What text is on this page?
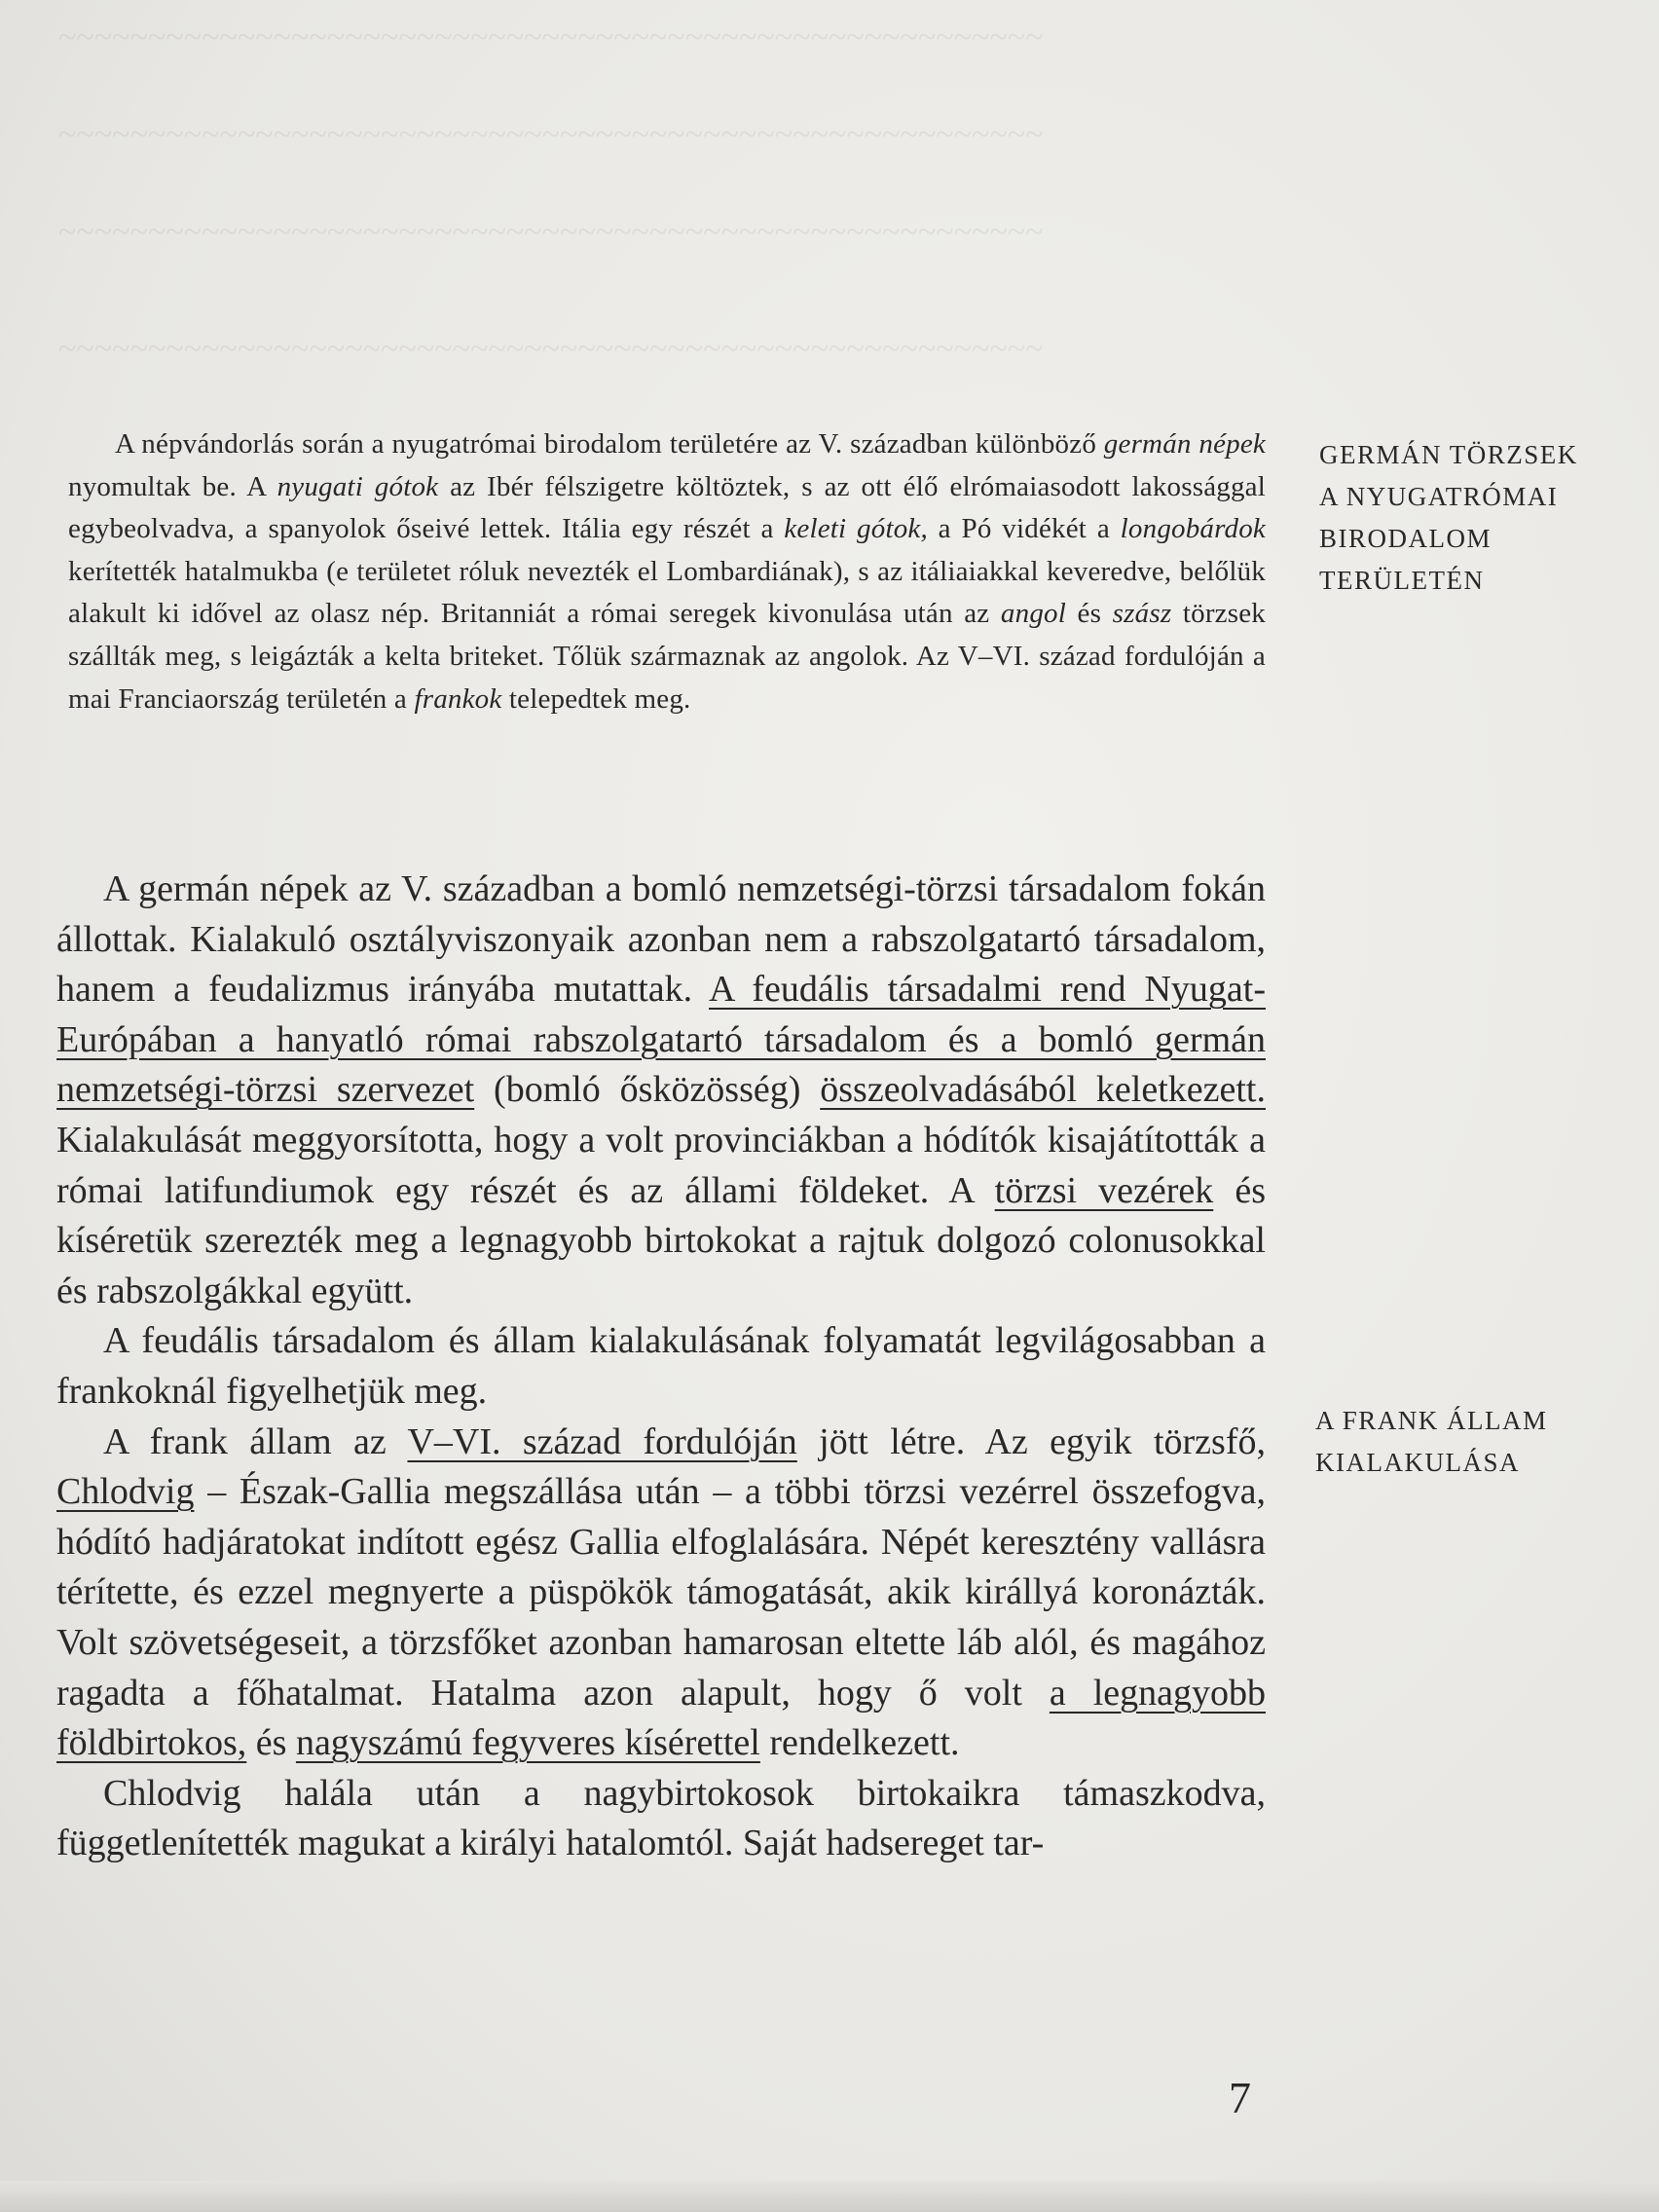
~~~~~~~~~~~~~~~~~~~~~~~~~~~~~~~~~~~~~~~~~~~~~~~~~~~~~~~
~~~~~~~~~~~~~~~~~~~~~~~~~~~~~~~~~~~~~~~~~~~~~~~~~~~~~~~
~~~~~~~~~~~~~~~~~~~~~~~~~~~~~~~~~~~~~~~~~~~~~~~~~~~~~~~
~~~~~~~~~~~~~~~~~~~~~~~~~~~~~~~~~~~~~~~~~~~~~~~~~~~~~~~

A népvándorlás során a nyugatrómai birodalom területére az V. században különböző germán népek nyomultak be. A nyugati gótok az Ibér félszigetre költöztek, s az ott élő elrómaiasodott lakossággal egybeolvadva, a spanyolok őseivé lettek. Itália egy részét a keleti gótok, a Pó vidékét a longobárdok kerítették hatalmukba (e területet róluk nevezték el Lombardiának), s az itáliaiakkal keveredve, belőlük alakult ki idővel az olasz nép. Britanniát a római seregek kivonulása után az angol és szász törzsek szállták meg, s leigázták a kelta briteket. Tőlük származnak az angolok. Az V–VI. század fordulóján a mai Franciaország területén a frankok telepedtek meg.

GERMÁN TÖRZSEK
A NYUGATRÓMAI
BIRODALOM
TERÜLETÉN

A germán népek az V. században a bomló nemzetségi-törzsi társadalom fokán állottak. Kialakuló osztályviszonyaik azonban nem a rabszolgatartó társadalom, hanem a feudalizmus irányába mutattak. A feudális társadalmi rend Nyugat-Európában a hanyatló római rabszolgatartó társadalom és a bomló germán nemzetségi-törzsi szervezet (bomló ősközösség) összeolvadásából keletkezett. Kialakulását meggyorsította, hogy a volt provinciákban a hódítók kisajátították a római latifundiumok egy részét és az állami földeket. A törzsi vezérek és kíséretük szerezték meg a legnagyobb birtokokat a rajtuk dolgozó colonusokkal és rabszolgákkal együtt.

A feudális társadalom és állam kialakulásának folyamatát legvilágosabban a frankoknál figyelhetjük meg.

A frank állam az V–VI. század fordulóján jött létre. Az egyik törzsfő, Chlodvig – Észak-Gallia megszállása után – a többi törzsi vezérrel összefogva, hódító hadjáratokat indított egész Gallia elfoglalására. Népét keresztény vallásra térítette, és ezzel megnyerte a püspökök támogatását, akik királlyá koronázták. Volt szövetségeseit, a törzsfőket azonban hamarosan eltette láb alól, és magához ragadta a főhatalmat. Hatalma azon alapult, hogy ő volt a legnagyobb földbirtokos, és nagyszámú fegyveres kísérettel rendelkezett.

Chlodvig halála után a nagybirtokosok birtokaikra támaszkodva, függetlenítették magukat a királyi hatalomtól. Saját hadsereget tar-

A FRANK ÁLLAM
KIALAKULÁSA
7
